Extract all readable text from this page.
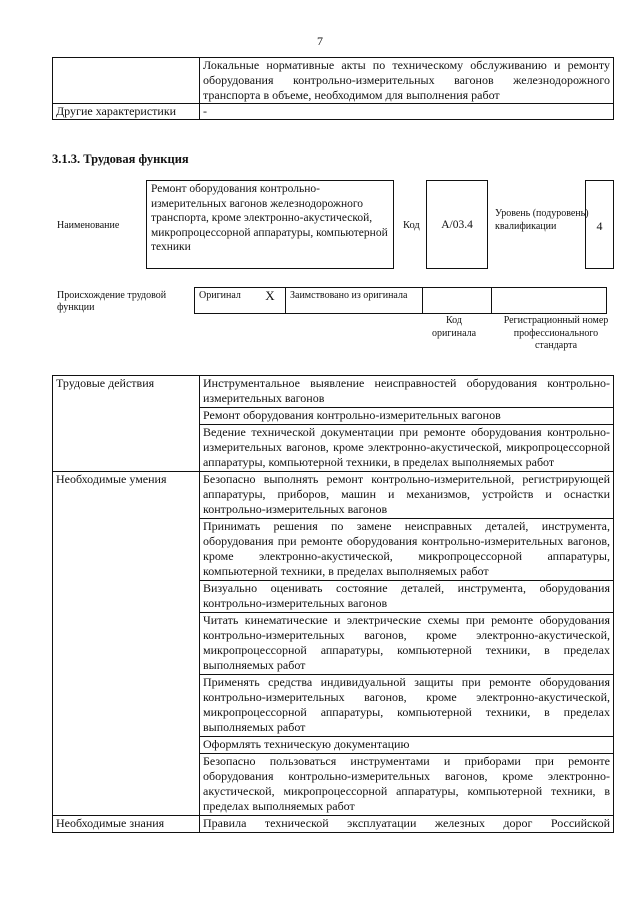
7
	Локальные нормативные акты по техническому обслуживанию и ремонту оборудования контрольно-измерительных вагонов железнодорожного транспорта в объеме, необходимом для выполнения работ
Другие характеристики	-
3.1.3. Трудовая функция
Наименование
Ремонт оборудования контрольно-измерительных вагонов железнодорожного транспорта, кроме электронно-акустической, микропроцессорной аппаратуры, компьютерной техники
Код	A/03.4
Уровень (подуровень) квалификации	4
Происхождение трудовой функции
Оригинал	X	Заимствовано из оригинала		
Код оригинала
Регистрационный номер профессионального стандарта
Трудовые действия	Инструментальное выявление неисправностей оборудования контрольно-измерительных вагонов
	Ремонт оборудования контрольно-измерительных вагонов
	Ведение технической документации при ремонте оборудования контрольно-измерительных вагонов, кроме электронно-акустической, микропроцессорной аппаратуры, компьютерной техники, в пределах выполняемых работ
Необходимые умения	Безопасно выполнять ремонт контрольно-измерительной, регистрирующей аппаратуры, приборов, машин и механизмов, устройств и оснастки контрольно-измерительных вагонов
	Принимать решения по замене неисправных деталей, инструмента, оборудования при ремонте оборудования контрольно-измерительных вагонов, кроме электронно-акустической, микропроцессорной аппаратуры, компьютерной техники, в пределах выполняемых работ
	Визуально оценивать состояние деталей, инструмента, оборудования контрольно-измерительных вагонов
	Читать кинематические и электрические схемы при ремонте оборудования контрольно-измерительных вагонов, кроме электронно-акустической, микропроцессорной аппаратуры, компьютерной техники, в пределах выполняемых работ
	Применять средства индивидуальной защиты при ремонте оборудования контрольно-измерительных вагонов, кроме электронно-акустической, микропроцессорной аппаратуры, компьютерной техники, в пределах выполняемых работ
	Оформлять техническую документацию
	Безопасно пользоваться инструментами и приборами при ремонте оборудования контрольно-измерительных вагонов, кроме электронно-акустической, микропроцессорной аппаратуры, компьютерной техники, в пределах выполняемых работ
Необходимые знания	Правила технической эксплуатации железных дорог Российской
